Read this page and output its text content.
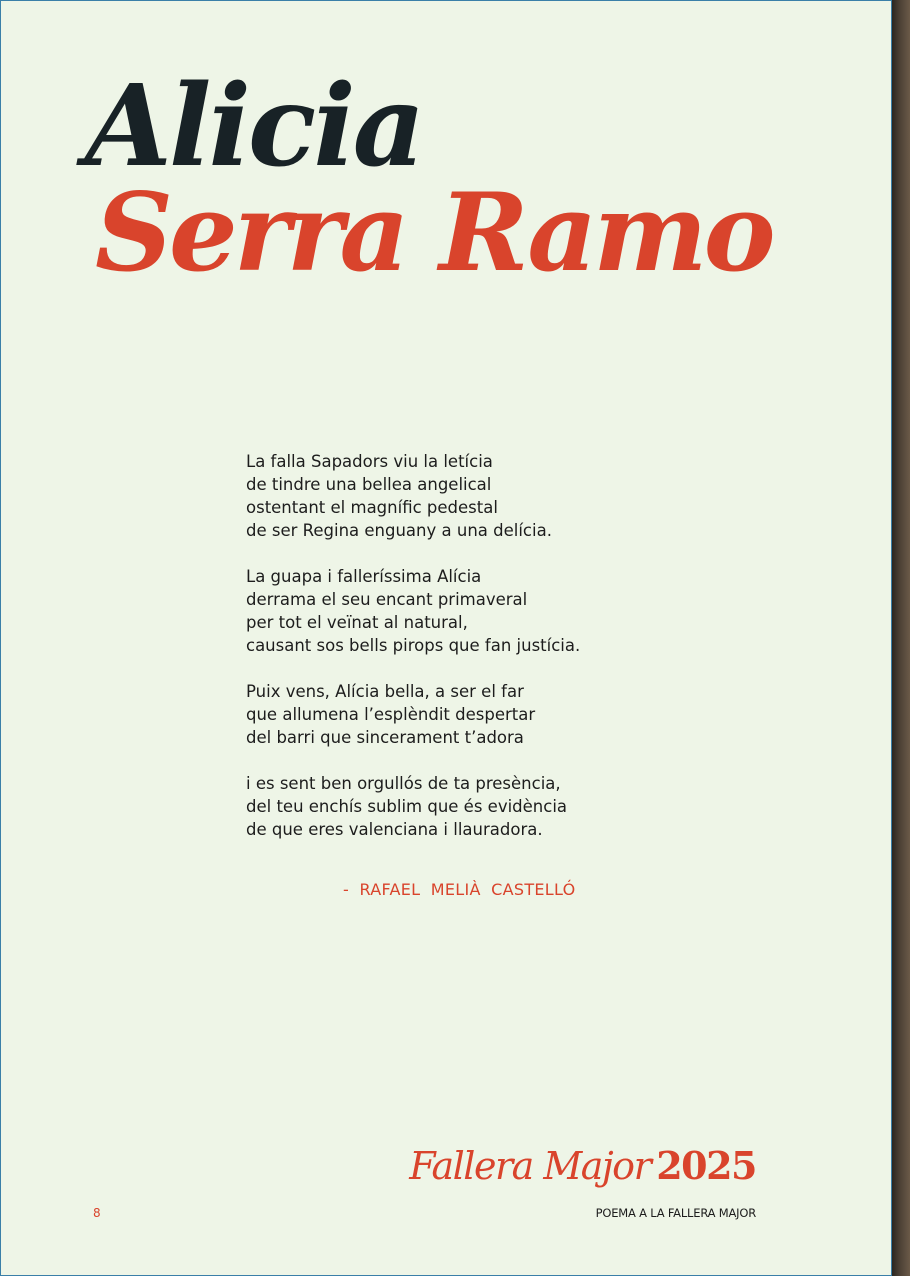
Alicia
Serra Ramo
La falla Sapadors viu la letícia
de tindre una bellea angelical
ostentant el magnífic pedestal
de ser Regina enguany a una delícia.
La guapa i falleríssima Alícia
derrama el seu encant primaveral
per tot el veïnat al natural,
causant sos bells pirops que fan justícia.
Puix vens, Alícia bella, a ser el far
que allumena l’esplèndit despertar
del barri que sincerament t’adora
i es sent ben orgullós de ta presència,
del teu enchís sublim que és evidència
de que eres valenciana i llauradora.
- RAFAEL MELIÀ CASTELLÓ
Fallera Major 2025
8	POEMA A LA FALLERA MAJOR
